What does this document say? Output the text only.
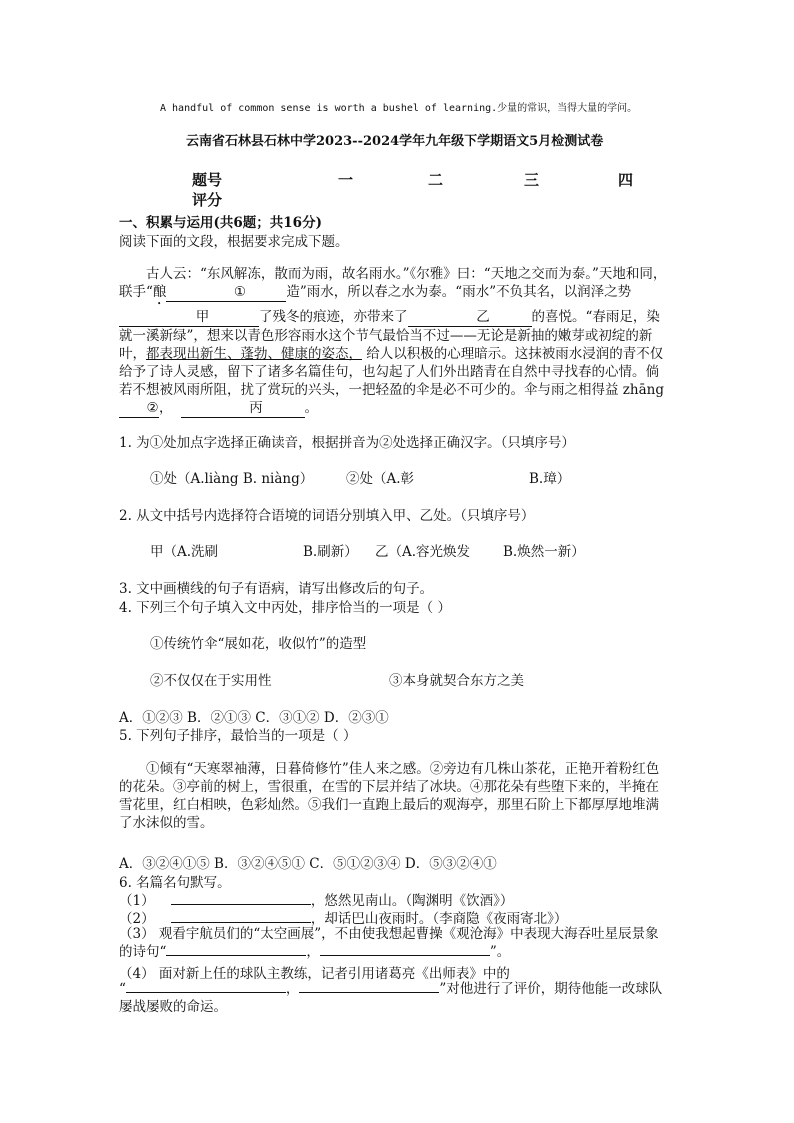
A handful of common sense is worth a bushel of learning.少量的常识，当得大量的学问。
云南省石林县石林中学2023--2024学年九年级下学期语文5月检测试卷
题号	一	二	三	四
评分
一、积累与运用(共6题；共16分)
阅读下面的文段，根据要求完成下题。

古人云：“东风解冻，散而为雨，故名雨水。”《尔雅》曰：“天地之交而为泰。”天地和同，联手“酿	①	造”雨水，所以春之水为泰。“雨水”不负其名，以润泽之势甲	了残冬的痕迹，亦带来了	乙	的喜悦。“春雨足，染就一溪新绿”，想来以青色形容雨水这个节气最恰当不过——无论是新抽的嫩芽或初绽的新叶，都表现出新生、蓬勃、健康的姿态， 给人以积极的心理暗示。这抹被雨水浸润的青不仅给予了诗人灵感，留下了诸多名篇佳句，也勾起了人们外出踏青在自然中寻找春的心情。倘若不想被风雨所阻，扰了赏玩的兴头，一把轻盈的伞是必不可少的。伞与雨之相得益 zhāng②，	丙	。

1. 为①处加点字选择正确读音，根据拼音为②处选择正确汉字。（只填序号）
①处（A.liàng B. niàng） ②处（A.彰	B.璋）
2. 从文中括号内选择符合语境的词语分别填入甲、乙处。（只填序号）
甲（A.洗刷	B.刷新） 乙（A.容光焕发 B.焕然一新）
3. 文中画横线的句子有语病，请写出修改后的句子。
4. 下列三个句子填入文中丙处，排序恰当的一项是（ ）
①传统竹伞“展如花，收似竹”的造型
②不仅仅在于实用性	③本身就契合东方之美
A．①②③ B．②①③ C．③①② D．②③①
5. 下列句子排序，最恰当的一项是（ ）
①倾有“天寒翠袖薄，日暮倚修竹”佳人来之感。②旁边有几株山茶花，正艳开着粉红色的花朵。③亭前的树上，雪很重，在雪的下层并结了冰块。④那花朵有些堕下来的，半掩在雪花里，红白相映，色彩灿然。⑤我们一直跑上最后的观海亭，那里石阶上下都厚厚地堆满了水沫似的雪。
A．③②④①⑤ B．③②④⑤① C．⑤①②③④ D．⑤③②④①
6. 名篇名句默写。
（1）	，悠然见南山。（陶渊明《饮酒》）
（2）	，却话巴山夜雨时。（李商隐《夜雨寄北》）
（3） 观看宇航员们的“太空画展”，不由使我想起曹操《观沧海》中表现大海吞吐星辰景象的诗句“	，	”。
（4） 面对新上任的球队主教练，记者引用诸葛亮《出师表》中的
“	，	”对他进行了评价，期待他能一改球队屡战屡败的命运。
